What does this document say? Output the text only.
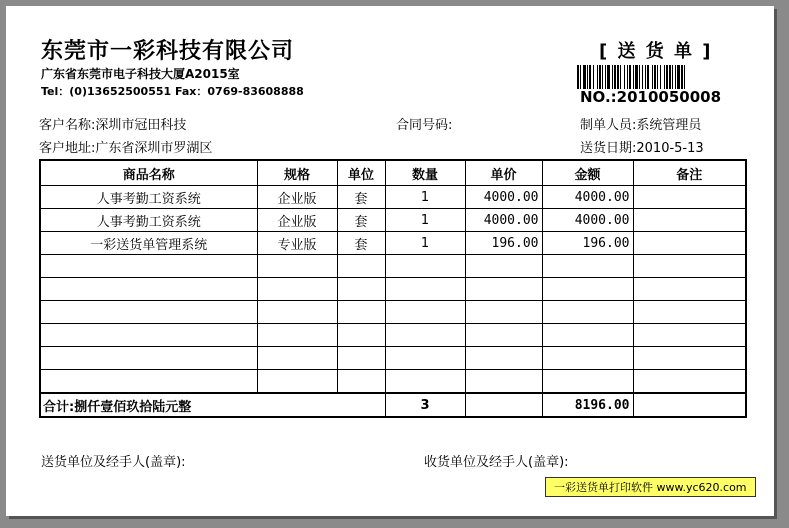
东莞市一彩科技有限公司
广东省东莞市电子科技大厦A2015室
Tel：(0)13652500551 Fax：0769-83608888
[ 送 货 单 ]
NO.:2010050008
客户名称:深圳市冠田科技	合同号码:	制单人员:系统管理员
客户地址:广东省深圳市罗湖区	送货日期:2010-5-13
商品名称	规格	单位	数量	单价	金额	备注
人事考勤工资系统	企业版	套	1	4000.00	4000.00	
人事考勤工资系统	企业版	套	1	4000.00	4000.00	
一彩送货单管理系统	专业版	套	1	196.00	196.00	

合计:捌仟壹佰玖拾陆元整			3		8196.00	
送货单位及经手人(盖章):	收货单位及经手人(盖章):
一彩送货单打印软件 www.yc620.com
